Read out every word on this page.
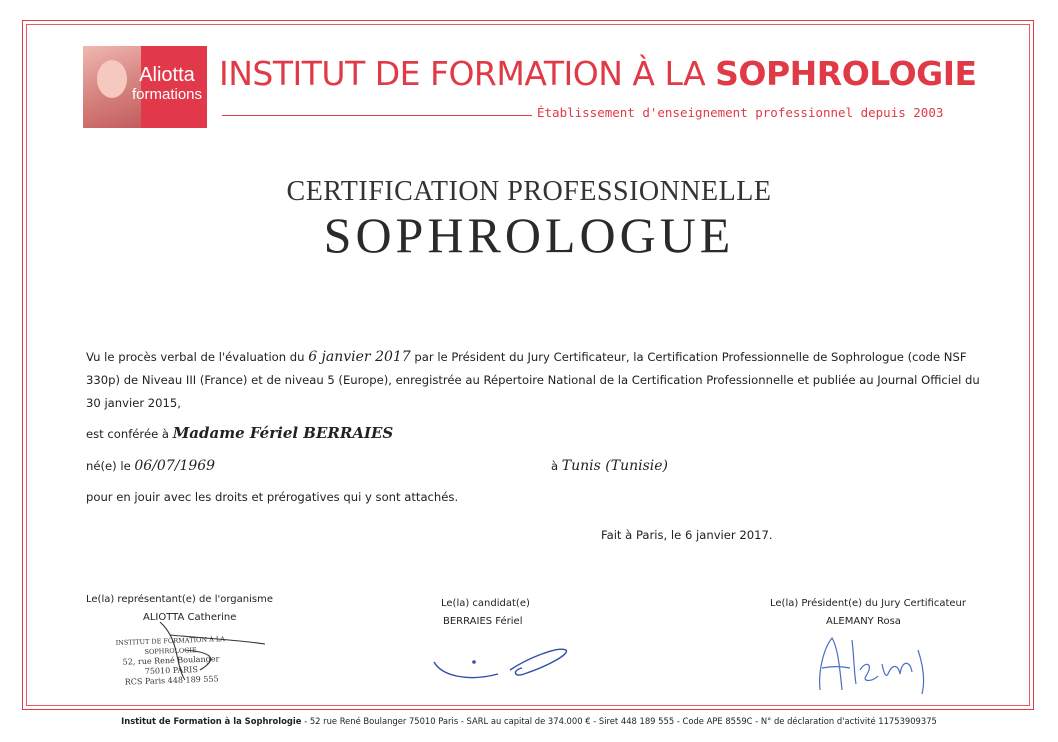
Aliotta
formations
INSTITUT DE FORMATION À LA SOPHROLOGIE
Établissement d'enseignement professionnel depuis 2003
CERTIFICATION PROFESSIONNELLE
SOPHROLOGUE
Vu le procès verbal de l'évaluation du 6 janvier 2017 par le Président du Jury Certificateur, la Certification Professionnelle de Sophrologue (code NSF 330p) de Niveau III (France) et de niveau 5 (Europe), enregistrée au Répertoire National de la Certification Professionnelle et publiée au Journal Officiel du 30 janvier 2015,
est conférée à Madame Fériel BERRAIES
né(e) le 06/07/1969	à Tunis (Tunisie)
pour en jouir avec les droits et prérogatives qui y sont attachés.
Fait à Paris, le 6 janvier 2017.
Le(la) représentant(e) de l'organisme
ALIOTTA Catherine
Le(la) candidat(e)
BERRAIES Fériel
Le(la) Président(e) du Jury Certificateur
ALEMANY Rosa
INSTITUT DE FORMATION À LA SOPHROLOGIE
52, rue René Boulanger
75010 PARIS
RCS Paris 448 189 555
Institut de Formation à la Sophrologie - 52 rue René Boulanger 75010 Paris - SARL au capital de 374.000 € - Siret 448 189 555 - Code APE 8559C - N° de déclaration d'activité 11753909375
